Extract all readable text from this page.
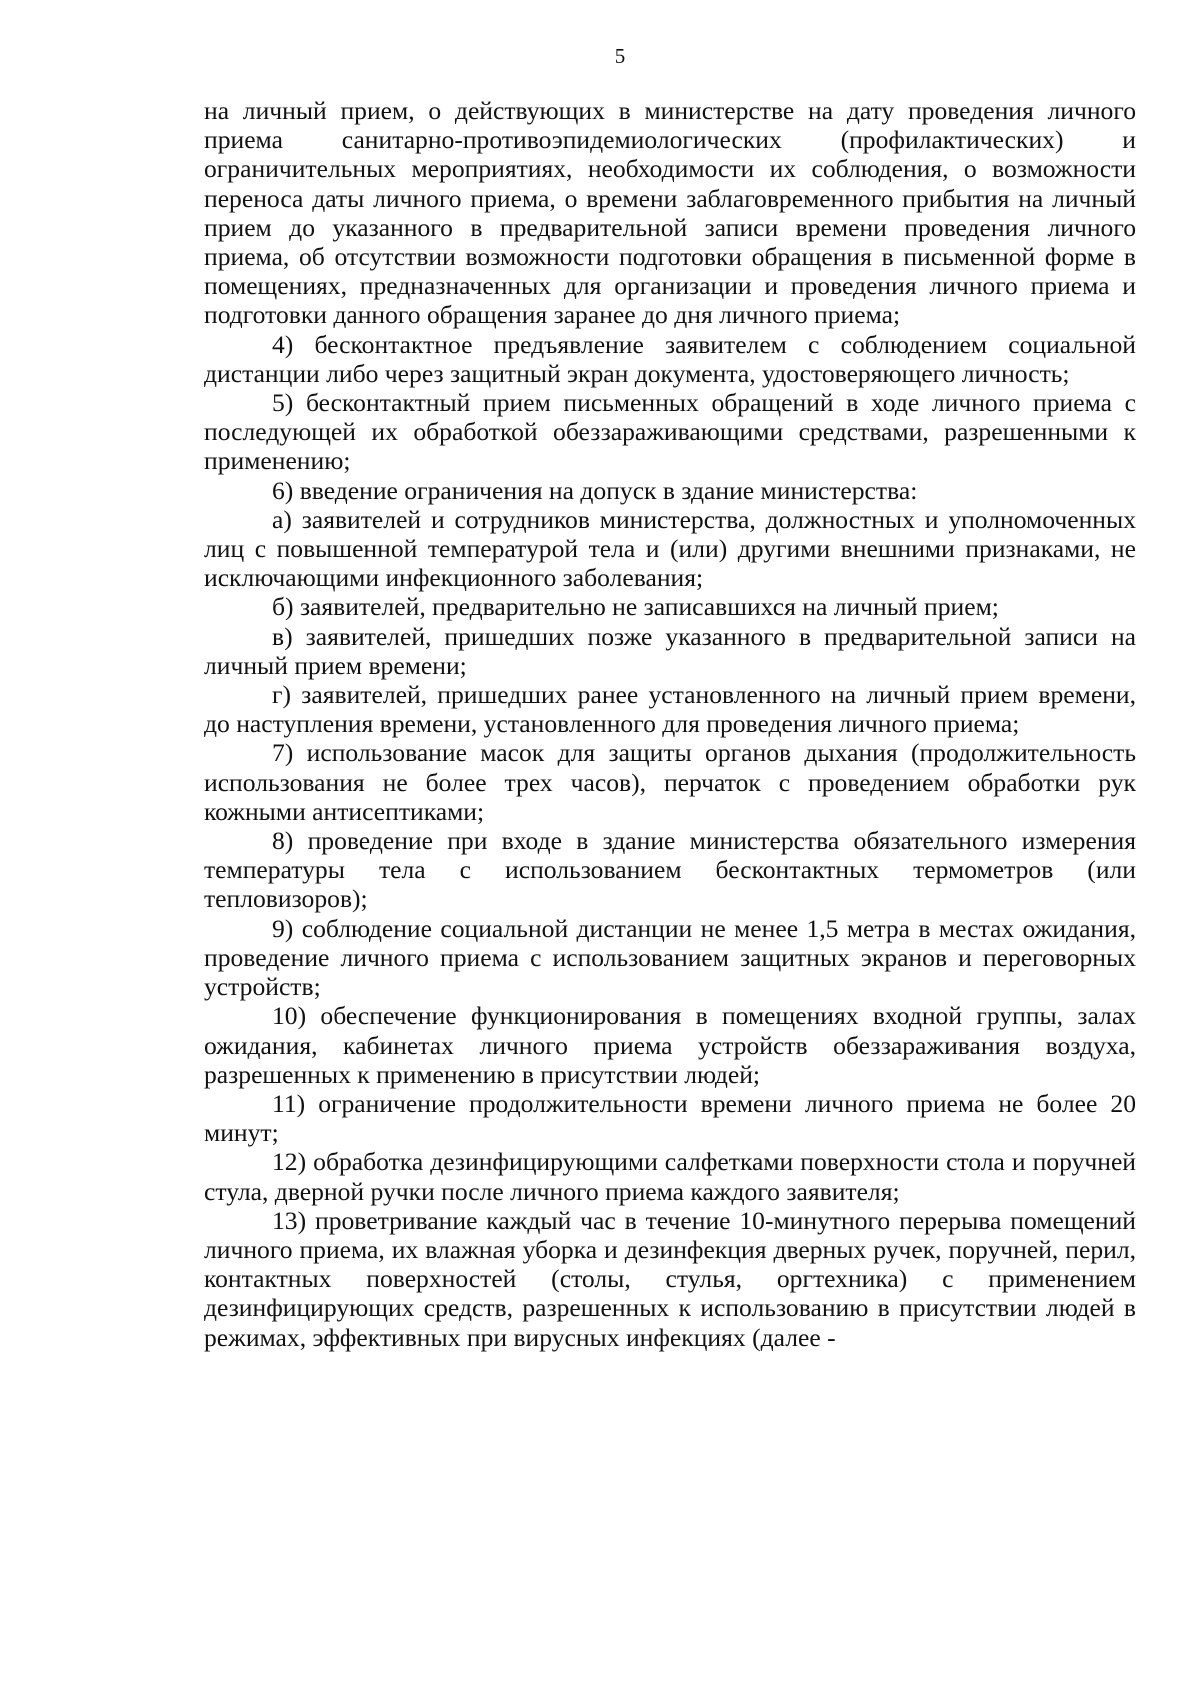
5

на личный прием, о действующих в министерстве на дату проведения личного приема санитарно-противоэпидемиологических (профилактических) и ограничительных мероприятиях, необходимости их соблюдения, о возможности переноса даты личного приема, о времени заблаговременного прибытия на личный прием до указанного в предварительной записи времени проведения личного приема, об отсутствии возможности подготовки обращения в письменной форме в помещениях, предназначенных для организации и проведения личного приема и подготовки данного обращения заранее до дня личного приема;

4) бесконтактное предъявление заявителем с соблюдением социальной дистанции либо через защитный экран документа, удостоверяющего личность;

5) бесконтактный прием письменных обращений в ходе личного приема с последующей их обработкой обеззараживающими средствами, разрешенными к применению;

6) введение ограничения на допуск в здание министерства:

а) заявителей и сотрудников министерства, должностных и уполномоченных лиц с повышенной температурой тела и (или) другими внешними признаками, не исключающими инфекционного заболевания;

б) заявителей, предварительно не записавшихся на личный прием;

в) заявителей, пришедших позже указанного в предварительной записи на личный прием времени;

г) заявителей, пришедших ранее установленного на личный прием времени, до наступления времени, установленного для проведения личного приема;

7) использование масок для защиты органов дыхания (продолжительность использования не более трех часов), перчаток с проведением обработки рук кожными антисептиками;

8) проведение при входе в здание министерства обязательного измерения температуры тела с использованием бесконтактных термометров (или тепловизоров);

9) соблюдение социальной дистанции не менее 1,5 метра в местах ожидания, проведение личного приема с использованием защитных экранов и переговорных устройств;

10) обеспечение функционирования в помещениях входной группы, залах ожидания, кабинетах личного приема устройств обеззараживания воздуха, разрешенных к применению в присутствии людей;

11) ограничение продолжительности времени личного приема не более 20 минут;

12) обработка дезинфицирующими салфетками поверхности стола и поручней стула, дверной ручки после личного приема каждого заявителя;

13) проветривание каждый час в течение 10-минутного перерыва помещений личного приема, их влажная уборка и дезинфекция дверных ручек, поручней, перил, контактных поверхностей (столы, стулья, оргтехника) с применением дезинфицирующих средств, разрешенных к использованию в присутствии людей в режимах, эффективных при вирусных инфекциях (далее -
